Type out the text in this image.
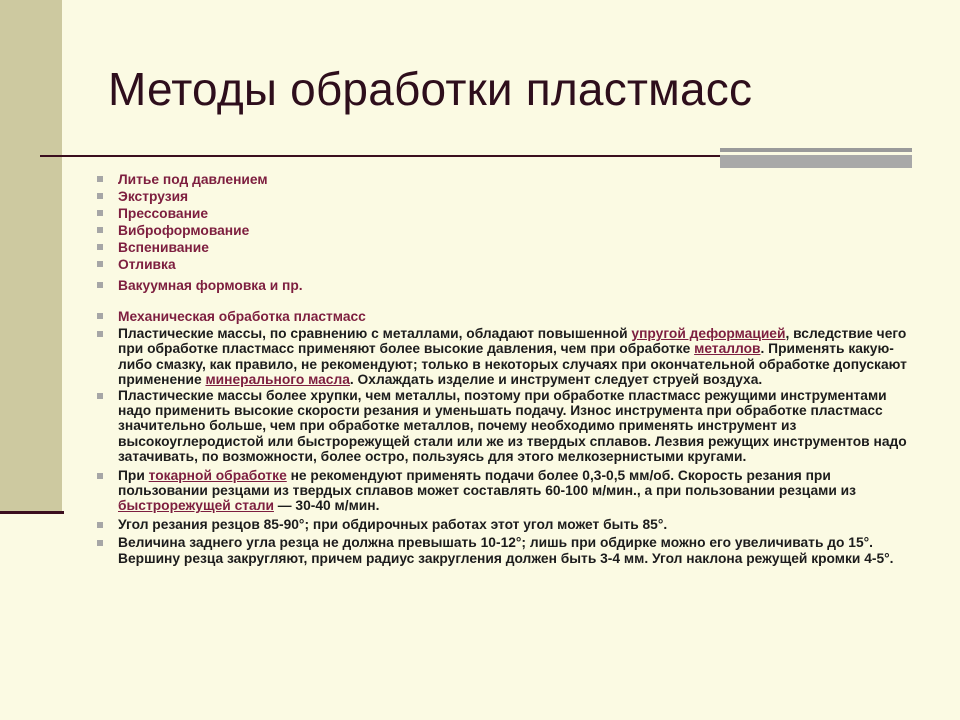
Методы обработки пластмасс
Литье под давлением
Экструзия
Прессование
Виброформование
Вспенивание
Отливка
Вакуумная формовка и пр.
Механическая обработка пластмасс
Пластические массы, по сравнению с металлами, обладают повышенной упругой деформацией, вследствие чего при обработке пластмасс применяют более высокие давления, чем при обработке металлов. Применять какую-либо смазку, как правило, не рекомендуют; только в некоторых случаях при окончательной обработке допускают применение минерального масла. Охлаждать изделие и инструмент следует струей воздуха.
Пластические массы более хрупки, чем металлы, поэтому при обработке пластмасс режущими инструментами надо применить высокие скорости резания и уменьшать подачу. Износ инструмента при обработке пластмасс значительно больше, чем при обработке металлов, почему необходимо применять инструмент из высокоуглеродистой или быстрорежущей стали или же из твердых сплавов. Лезвия режущих инструментов надо затачивать, по возможности, более остро, пользуясь для этого мелкозернистыми кругами.
При токарной обработке не рекомендуют применять подачи более 0,3-0,5 мм/об. Скорость резания при пользовании резцами из твердых сплавов может составлять 60-100 м/мин., а при пользовании резцами из быстрорежущей стали — 30-40 м/мин.
Угол резания резцов 85-90°; при обдирочных работах этот угол может быть 85°.
Величина заднего угла резца не должна превышать 10-12°; лишь при обдирке можно его увеличивать до 15°. Вершину резца закругляют, причем радиус закругления должен быть 3-4 мм. Угол наклона режущей кромки 4-5°.
